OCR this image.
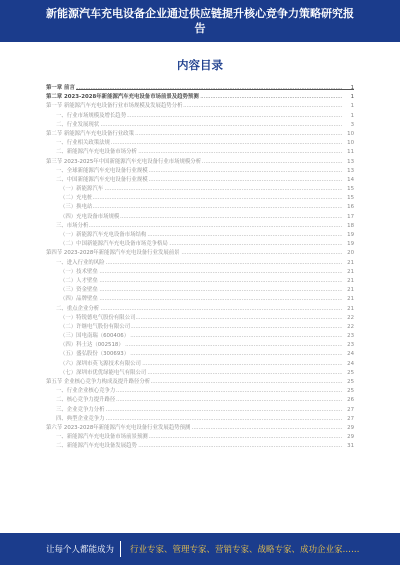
新能源汽车充电设备企业通过供应链提升核心竞争力策略研究报
告
内容目录
第一章 前言 .....	1
第二章 2023-2028年新能源汽车充电设备市场前景及趋势预测 .....	1
第一节 新能源汽车充电设备行业市场规模及发展趋势分析 .....	1
一、行业市场规模及增长趋势 .....	1
二、行业发展现状 .....	3
第二节 新能源汽车充电设备行业政策 .....	10
一、行业相关政策法规 .....	10
二、新能源汽车充电设备市场分析 .....	11
第三节 2023-2025年中国新能源汽车充电设备行业市场规模分析 .....	13
一、全球新能源汽车充电设备行业规模 .....	13
二、中国新能源汽车充电设备行业规模 .....	14
（一）新能源汽车 .....	15
（二）充电桩 .....	15
（三）换电站 .....	16
（四）充电设备市场规模 .....	17
三、市场分析 .....	18
（一）新能源汽车充电设备市场结构 .....	19
（二）中国新能源汽车充电设备市场竞争格局 .....	19
第四节 2023-2028年新能源汽车充电设备行业发展前景 .....	20
一、进入行业的风险 .....	21
（一）技术壁垒 .....	21
（二）人才壁垒 .....	21
（三）资金壁垒 .....	21
（四）品牌壁垒 .....	21
二、重点企业分析 .....	21
（一）特锐德电气股份有限公司 .....	22
（二）许继电气股份有限公司 .....	22
（三）国电南瑞（600406） .....	23
（四）科士达（002518） .....	23
（五）盛弘股份（300693） .....	24
（六）深圳市英飞源技术有限公司 .....	24
（七）深圳市优优绿能电气有限公司 .....	25
第五节 企业核心竞争力构成及提升路径分析 .....	25
一、行业企业核心竞争力 .....	25
二、核心竞争力提升路径 .....	26
三、企业竞争力分析 .....	27
四、典型企业竞争力 .....	27
第六节 2023-2028年新能源汽车充电设备行业发展趋势预测 .....	29
一、新能源汽车充电设备市场前景预测 .....	29
二、新能源汽车充电设备发展趋势 .....	31
让每个人都能成为 行业专家、管理专家、营销专家、战略专家、成功企业家……
